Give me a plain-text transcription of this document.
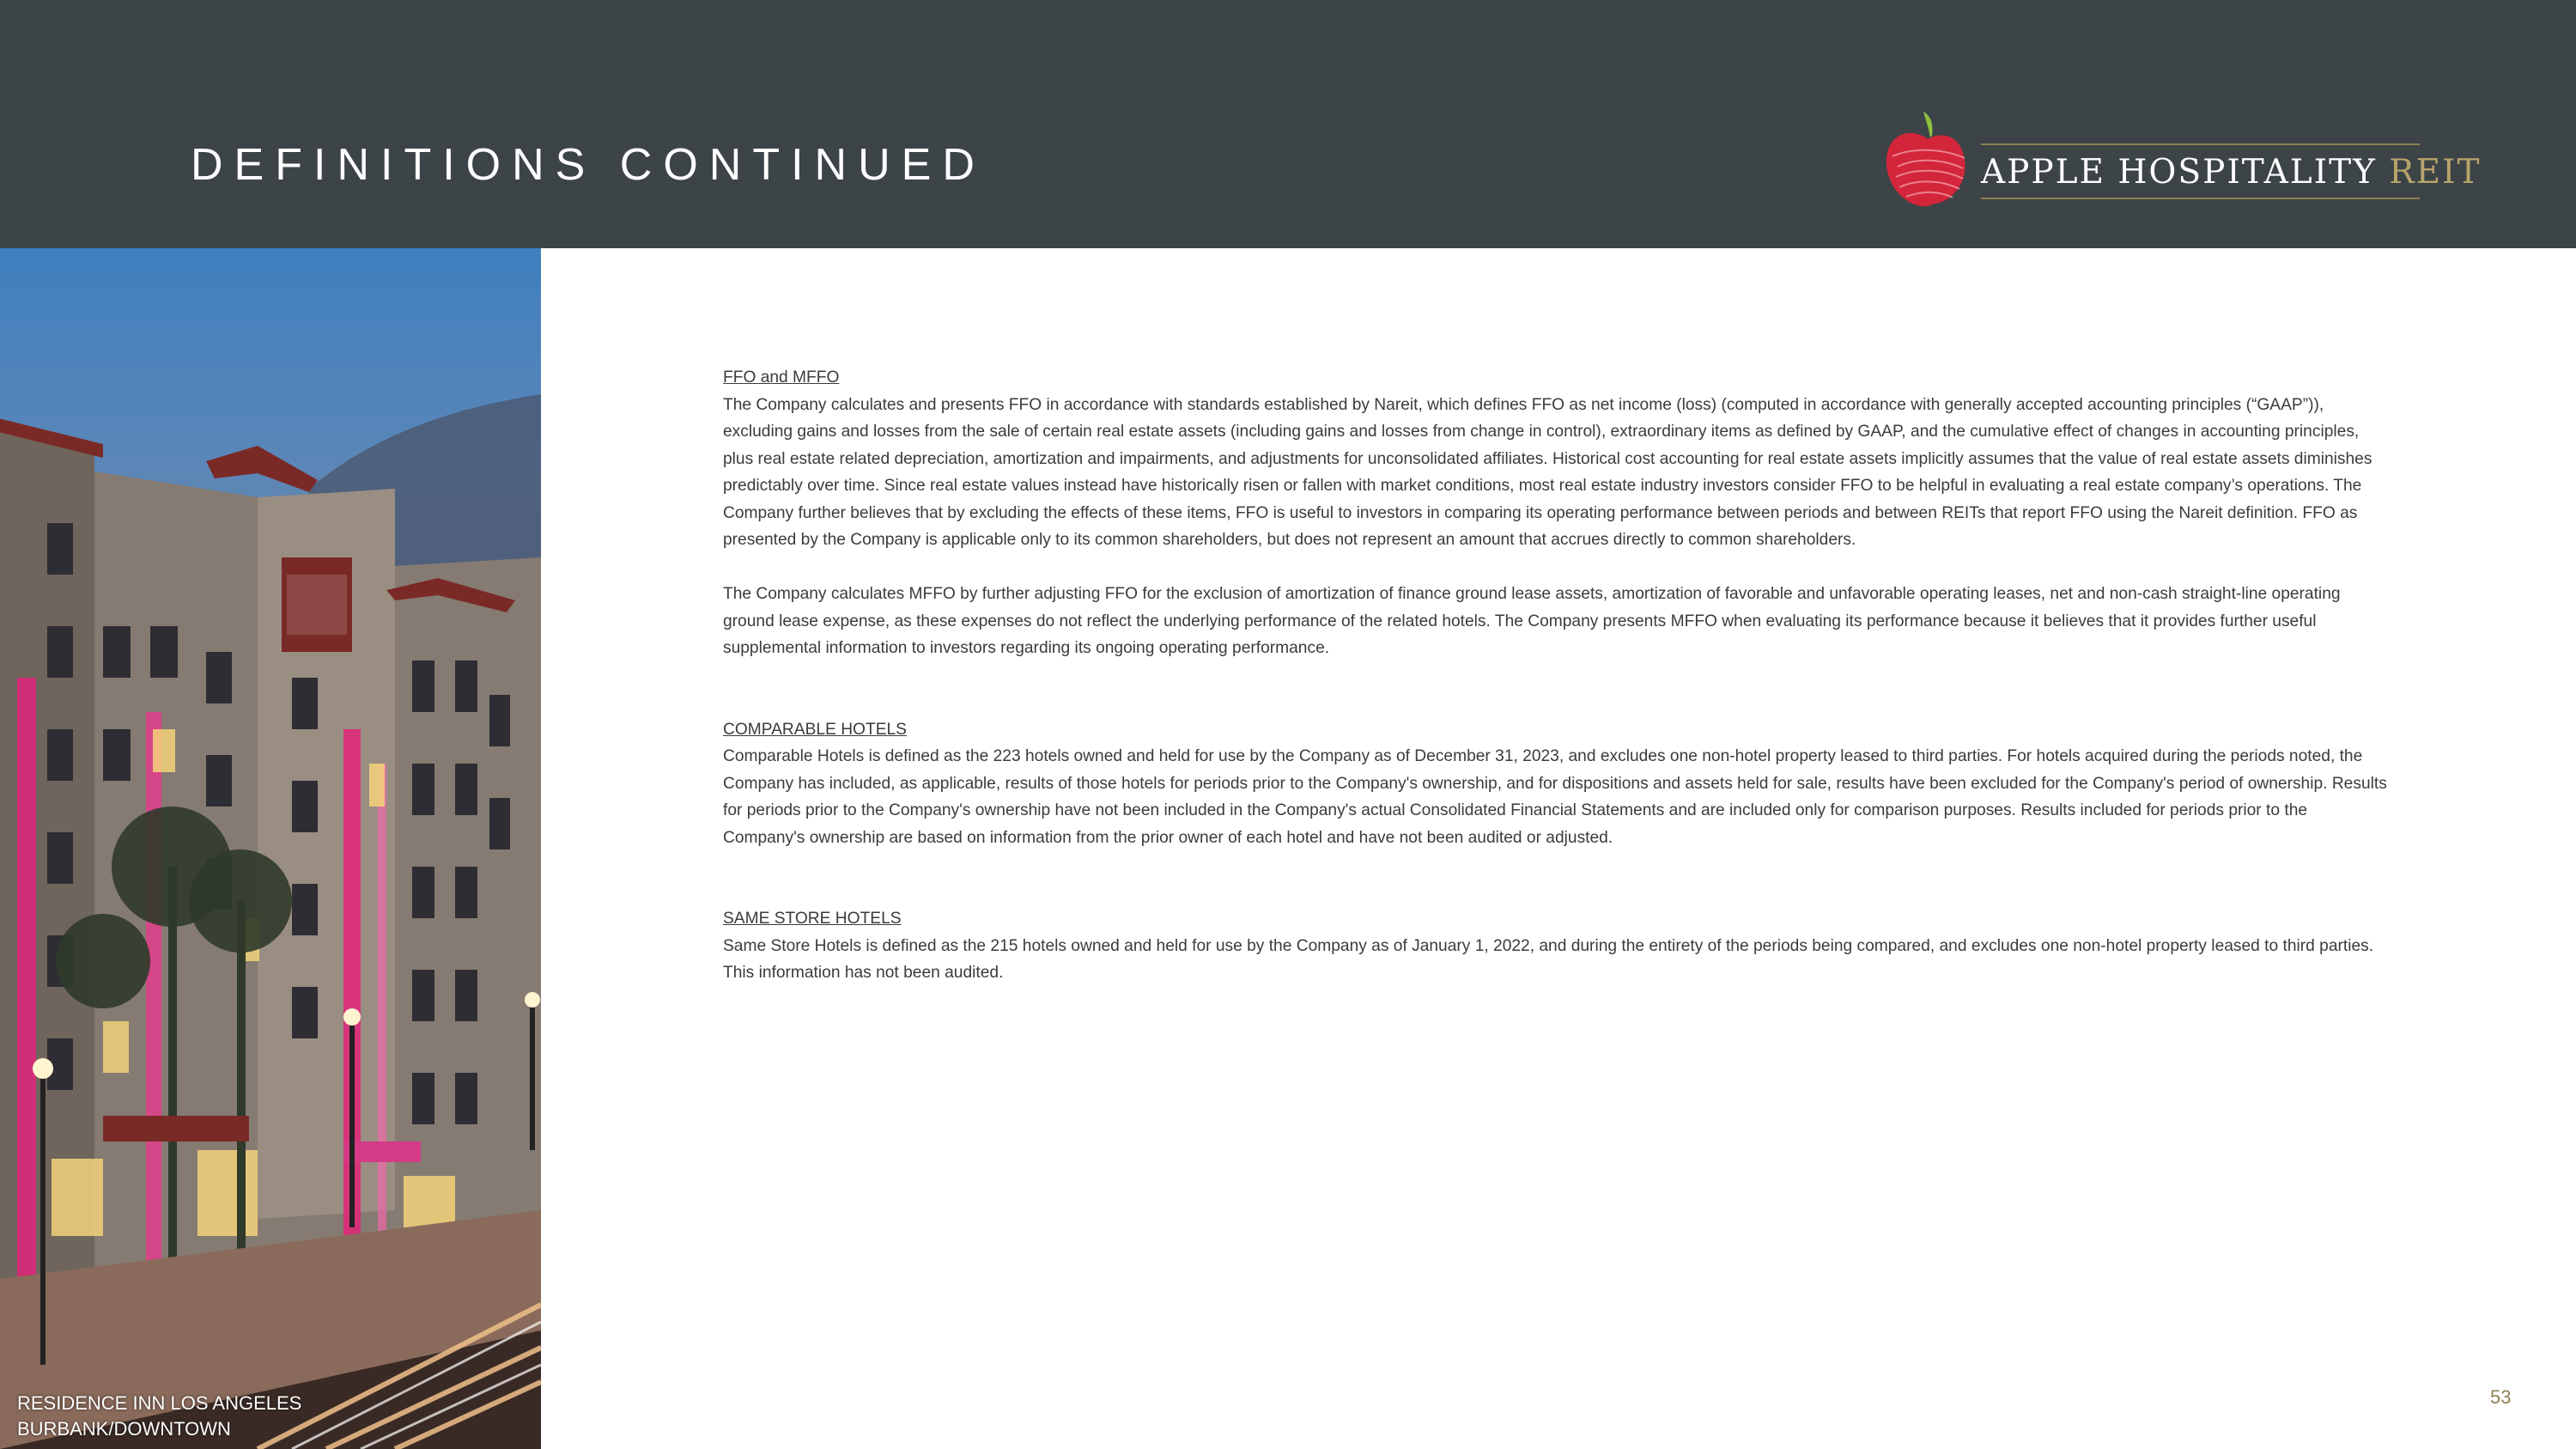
DEFINITIONS CONTINUED	APPLE HOSPITALITY REIT
RESIDENCE INN LOS ANGELES
BURBANK/DOWNTOWN

FFO and MFFO

The Company calculates and presents FFO in accordance with standards established by Nareit, which defines FFO as net income (loss) (computed in accordance with generally accepted accounting principles (“GAAP”)), excluding gains and losses from the sale of certain real estate assets (including gains and losses from change in control), extraordinary items as defined by GAAP, and the cumulative effect of changes in accounting principles, plus real estate related depreciation, amortization and impairments, and adjustments for unconsolidated affiliates. Historical cost accounting for real estate assets implicitly assumes that the value of real estate assets diminishes predictably over time. Since real estate values instead have historically risen or fallen with market conditions, most real estate industry investors consider FFO to be helpful in evaluating a real estate company’s operations. The Company further believes that by excluding the effects of these items, FFO is useful to investors in comparing its operating performance between periods and between REITs that report FFO using the Nareit definition. FFO as presented by the Company is applicable only to its common shareholders, but does not represent an amount that accrues directly to common shareholders.

The Company calculates MFFO by further adjusting FFO for the exclusion of amortization of finance ground lease assets, amortization of favorable and unfavorable operating leases, net and non-cash straight-line operating ground lease expense, as these expenses do not reflect the underlying performance of the related hotels. The Company presents MFFO when evaluating its performance because it believes that it provides further useful supplemental information to investors regarding its ongoing operating performance.

COMPARABLE HOTELS

Comparable Hotels is defined as the 223 hotels owned and held for use by the Company as of December 31, 2023, and excludes one non-hotel property leased to third parties. For hotels acquired during the periods noted, the Company has included, as applicable, results of those hotels for periods prior to the Company's ownership, and for dispositions and assets held for sale, results have been excluded for the Company's period of ownership. Results for periods prior to the Company's ownership have not been included in the Company's actual Consolidated Financial Statements and are included only for comparison purposes. Results included for periods prior to the Company's ownership are based on information from the prior owner of each hotel and have not been audited or adjusted.

SAME STORE HOTELS

Same Store Hotels is defined as the 215 hotels owned and held for use by the Company as of January 1, 2022, and during the entirety of the periods being compared, and excludes one non-hotel property leased to third parties. This information has not been audited.

53
